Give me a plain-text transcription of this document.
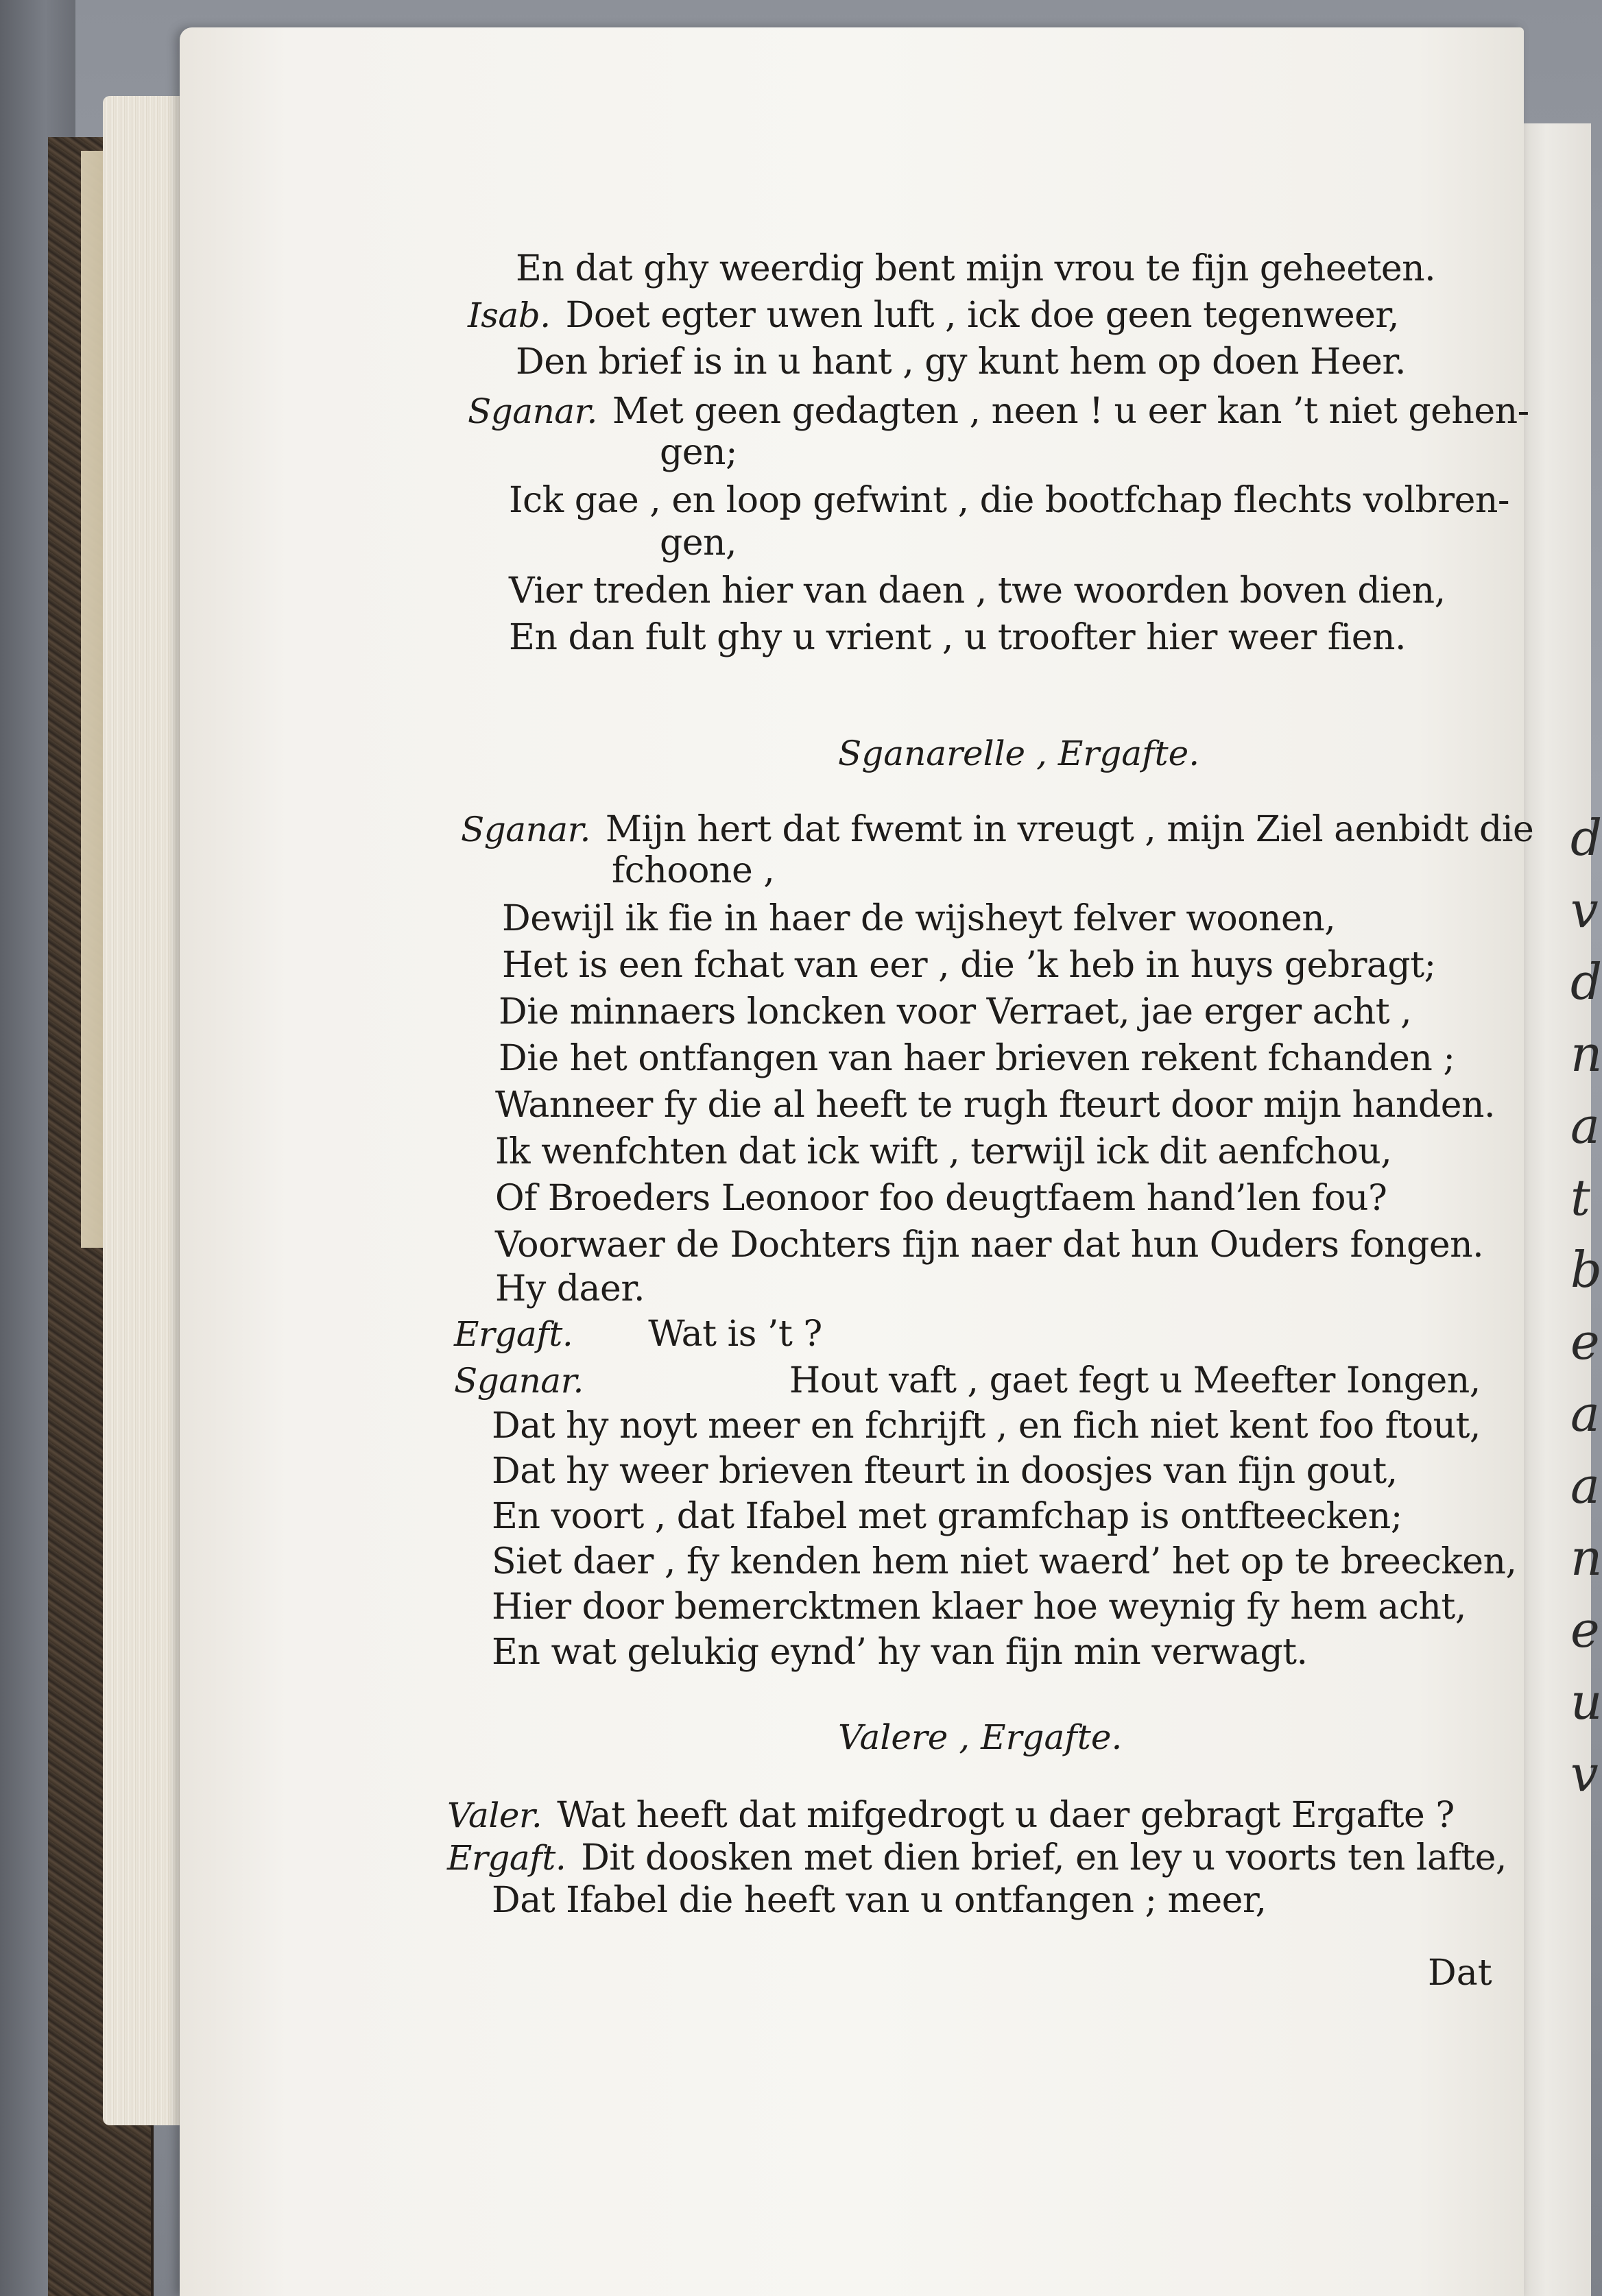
d
v
d
n
a
t
b
e
a
a
n
e
u
v
En dat ghy weerdig bent mijn vrou te fijn geheeten.
Isab. Doet egter uwen luft , ick doe geen tegenweer,
Den brief is in u hant , gy kunt hem op doen Heer.
Sganar. Met geen gedagten , neen ! u eer kan ’t niet gehen-
gen;
Ick gae , en loop gefwint , die bootfchap flechts volbren-
gen,
Vier treden hier van daen , twe woorden boven dien,
En dan fult ghy u vrient , u troofter hier weer fien.
Sganarelle , Ergafte.
Sganar. Mijn hert dat fwemt in vreugt , mijn Ziel aenbidt die
fchoone ,
Dewijl ik fie in haer de wijsheyt felver woonen,
Het is een fchat van eer , die ’k heb in huys gebragt;
Die minnaers loncken voor Verraet, jae erger acht ,
Die het ontfangen van haer brieven rekent fchanden ;
Wanneer fy die al heeft te rugh fteurt door mijn handen.
Ik wenfchten dat ick wift , terwijl ick dit aenfchou,
Of Broeders Leonoor foo deugtfaem hand’len fou?
Voorwaer de Dochters fijn naer dat hun Ouders fongen.
Hy daer.
Ergaft. Wat is ’t ?
Sganar.	Hout vaft , gaet fegt u Meefter Iongen,
Dat hy noyt meer en fchrijft , en fich niet kent foo ftout,
Dat hy weer brieven fteurt in doosjes van fijn gout,
En voort , dat Ifabel met gramfchap is ontfteecken;
Siet daer , fy kenden hem niet waerd’ het op te breecken,
Hier door bemercktmen klaer hoe weynig fy hem acht,
En wat gelukig eynd’ hy van fijn min verwagt.
Valere , Ergafte.
Valer. Wat heeft dat mifgedrogt u daer gebragt Ergafte ?
Ergaft. Dit doosken met dien brief, en ley u voorts ten lafte,
Dat Ifabel die heeft van u ontfangen ; meer,
Dat
